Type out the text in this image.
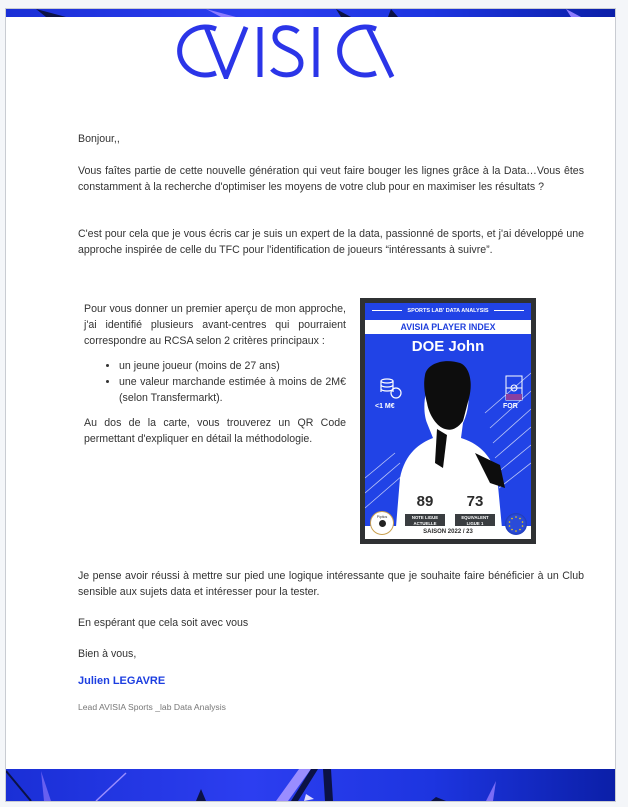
Bonjour,,

Vous faîtes partie de cette nouvelle génération qui veut faire bouger les lignes grâce à la Data…Vous êtes constamment à la recherche d'optimiser les moyens de votre club pour en maximiser les résultats ?

C'est pour cela que je vous écris car je suis un expert de la data, passionné de sports, et j'ai développé une approche inspirée de celle du TFC pour l'identification de joueurs “intéressants à suivre”.

Pour vous donner un premier aperçu de mon approche, j'ai identifié plusieurs avant-centres qui pourraient correspondre au RCSA selon 2 critères principaux :

• un jeune joueur (moins de 27 ans)
• une valeur marchande estimée à moins de 2M€ (selon Transfermarkt).

Au dos de la carte, vous trouverez un QR Code permettant d'expliquer en détail la méthodologie.

SPORTS LAB' DATA ANALYSIS
AVISIA PLAYER INDEX
DOE John
<1 M€	FOR
89
NOTE LIGUE
ACTUELLE
73
EQUIVALENT
LIGUE 1
SAISON 2022 / 23
Pipitos

Je pense avoir réussi à mettre sur pied une logique intéressante que je souhaite faire bénéficier à un Club sensible aux sujets data et intéresser pour la tester.

En espérant que cela soit avec vous
Bien à vous,
Julien LEGAVRE
Lead AVISIA Sports _lab Data Analysis
